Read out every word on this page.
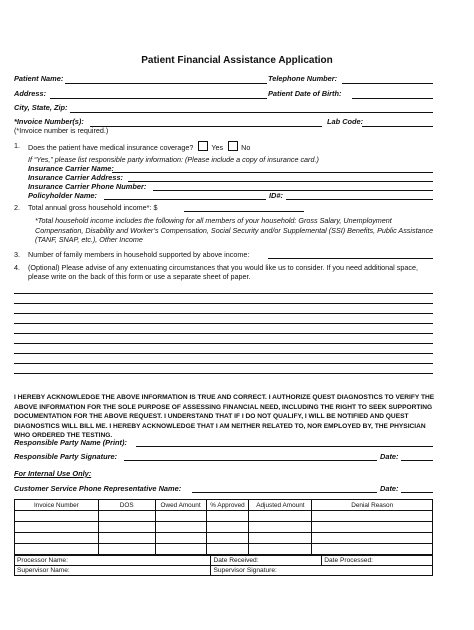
Patient Financial Assistance Application
Patient Name:	Telephone Number:
Address:	Patient Date of Birth:
City, State, Zip:
*Invoice Number(s):	Lab Code:
(*Invoice number is required.)
1. Does the patient have medical insurance coverage?	Yes	No
If “Yes,” please list responsible party information: (Please include a copy of insurance card.)
Insurance Carrier Name:
Insurance Carrier Address:
Insurance Carrier Phone Number:
Policyholder Name:	ID#:
2. Total annual gross household income*: $
*Total household income includes the following for all members of your household: Gross Salary, Unemployment Compensation, Disability and Worker’s Compensation, Social Security and/or Supplemental (SSI) Benefits, Public Assistance (TANF, SNAP, etc.), Other Income
3. Number of family members in household supported by above income:
4. (Optional) Please advise of any extenuating circumstances that you would like us to consider. If you need additional space, please write on the back of this form or use a separate sheet of paper.
I HEREBY ACKNOWLEDGE THE ABOVE INFORMATION IS TRUE AND CORRECT. I AUTHORIZE QUEST DIAGNOSTICS TO VERIFY THE ABOVE INFORMATION FOR THE SOLE PURPOSE OF ASSESSING FINANCIAL NEED, INCLUDING THE RIGHT TO SEEK SUPPORTING DOCUMENTATION FOR THE ABOVE REQUEST. I UNDERSTAND THAT IF I DO NOT QUALIFY, I WILL BE NOTIFIED AND QUEST DIAGNOSTICS WILL BILL ME. I HEREBY ACKNOWLEDGE THAT I AM NEITHER RELATED TO, NOR EMPLOYED BY, THE PHYSICIAN WHO ORDERED THE TESTING.
Responsible Party Name (Print):
Responsible Party Signature:	Date:
For Internal Use Only:
Customer Service Phone Representative Name:	Date:
Invoice Number	DOS	Owed Amount	% Approved	Adjusted Amount	Denial Reason

Processor Name:	Date Received:	Date Processed:
Supervisor Name:	Supervisor Signature:	
